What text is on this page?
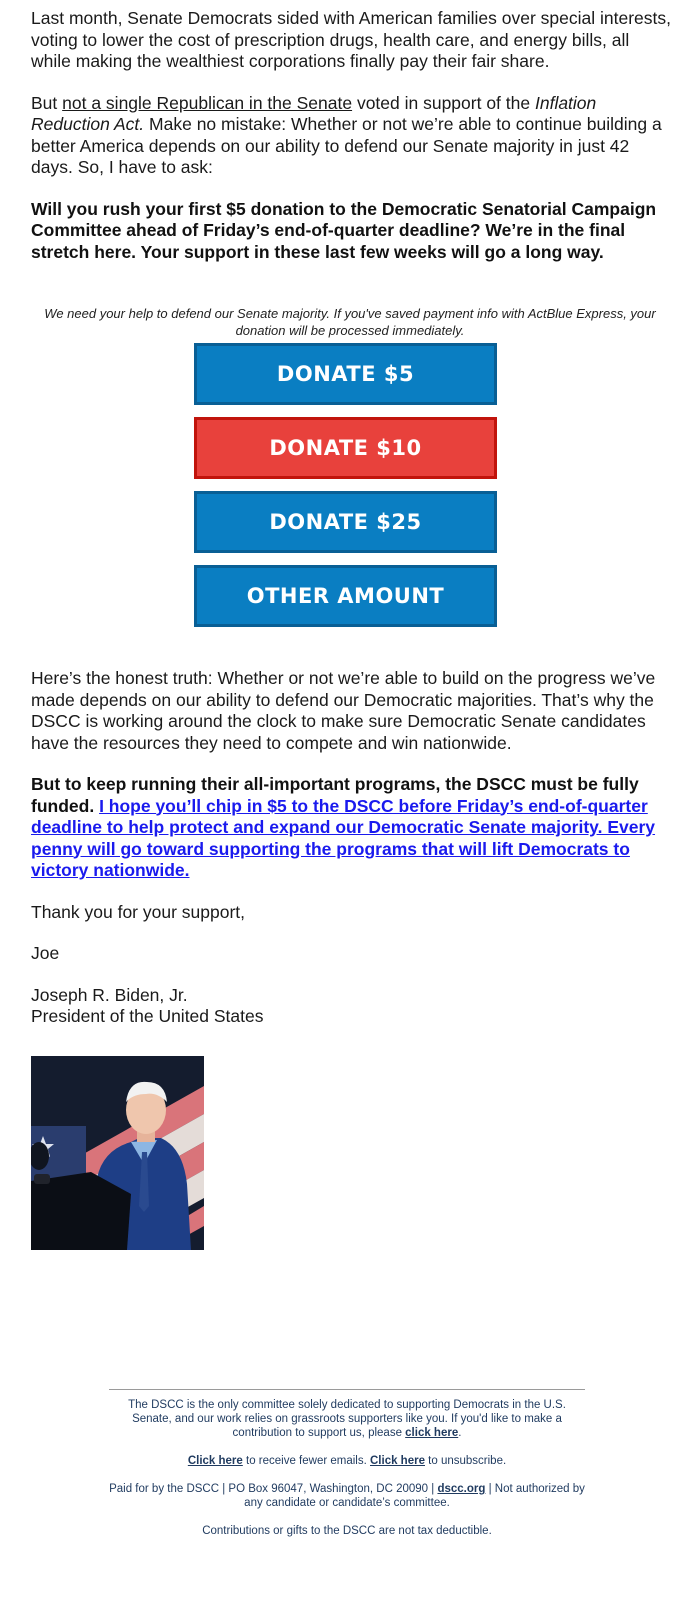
Last month, Senate Democrats sided with American families over special interests, voting to lower the cost of prescription drugs, health care, and energy bills, all while making the wealthiest corporations finally pay their fair share.

But not a single Republican in the Senate voted in support of the Inflation Reduction Act. Make no mistake: Whether or not we’re able to continue building a better America depends on our ability to defend our Senate majority in just 42 days. So, I have to ask:

Will you rush your first $5 donation to the Democratic Senatorial Campaign Committee ahead of Friday’s end-of-quarter deadline? We’re in the final stretch here. Your support in these last few weeks will go a long way.

We need your help to defend our Senate majority. If you've saved payment info with ActBlue Express, your donation will be processed immediately.
DONATE $5
DONATE $10
DONATE $25
OTHER AMOUNT

Here’s the honest truth: Whether or not we’re able to build on the progress we’ve made depends on our ability to defend our Democratic majorities. That’s why the DSCC is working around the clock to make sure Democratic Senate candidates have the resources they need to compete and win nationwide.

But to keep running their all-important programs, the DSCC must be fully funded. I hope you’ll chip in $5 to the DSCC before Friday’s end-of-quarter deadline to help protect and expand our Democratic Senate majority. Every penny will go toward supporting the programs that will lift Democrats to victory nationwide.

Thank you for your support,

Joe

Joseph R. Biden, Jr.
President of the United States

The DSCC is the only committee solely dedicated to supporting Democrats in the U.S. Senate, and our work relies on grassroots supporters like you. If you'd like to make a contribution to support us, please click here.

Click here to receive fewer emails. Click here to unsubscribe.

Paid for by the DSCC | PO Box 96047, Washington, DC 20090 | dscc.org | Not authorized by any candidate or candidate’s committee.

Contributions or gifts to the DSCC are not tax deductible.
